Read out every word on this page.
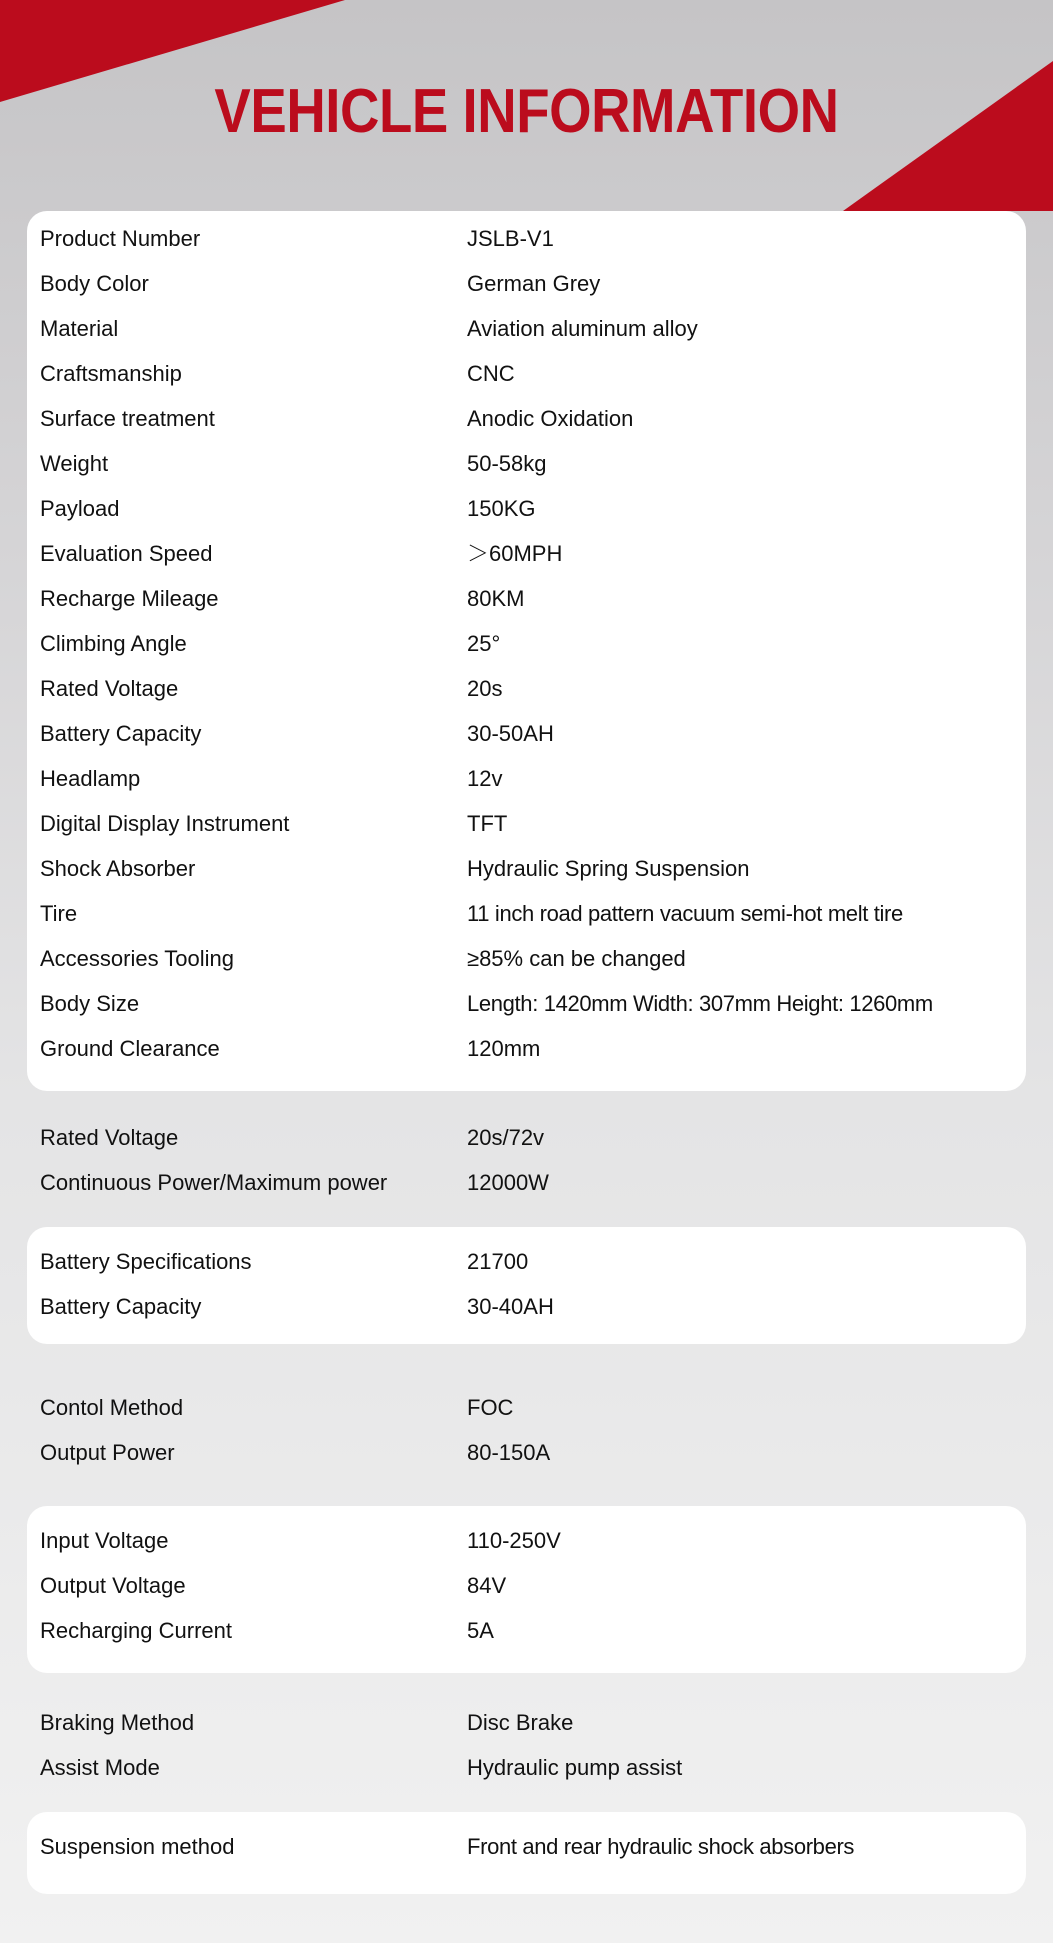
VEHICLE INFORMATION
Product Number	JSLB-V1
Body Color	German Grey
Material	Aviation aluminum alloy
Craftsmanship	CNC
Surface treatment	Anodic Oxidation
Weight	50-58kg
Payload	150KG
Evaluation Speed	＞60MPH
Recharge Mileage	80KM
Climbing Angle	25°
Rated Voltage	20s
Battery Capacity	30-50AH
Headlamp	12v
Digital Display Instrument	TFT
Shock Absorber	Hydraulic Spring Suspension
Tire	11 inch road pattern vacuum semi-hot melt tire
Accessories Tooling	≥85% can be changed
Body Size	Length: 1420mm Width: 307mm Height: 1260mm
Ground Clearance	120mm
Rated Voltage	20s/72v
Continuous Power/Maximum power	12000W
Battery Specifications	21700
Battery Capacity	30-40AH
Contol Method	FOC
Output Power	80-150A
Input Voltage	110-250V
Output Voltage	84V
Recharging Current	5A
Braking Method	Disc Brake
Assist Mode	Hydraulic pump assist
Suspension method	Front and rear hydraulic shock absorbers
